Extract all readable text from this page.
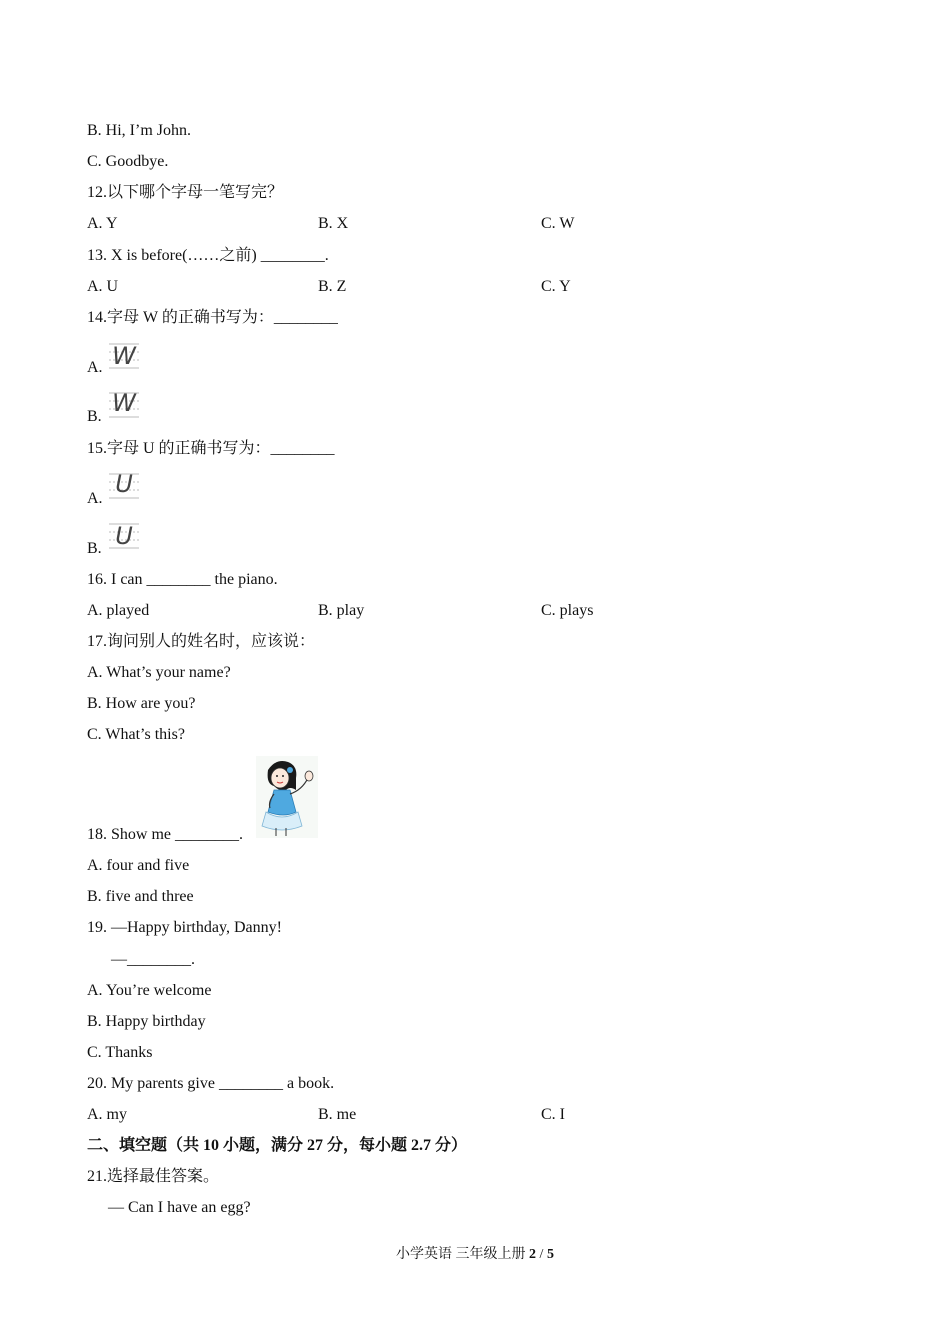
B. Hi, I’m John.
C. Goodbye.
12.以下哪个字母一笔写完？
A. Y	B. X	C. W
13. X is before(……之前) ________.
A. U	B. Z	C. Y
14.字母 W 的正确书写为：________
A. W
B. W
15.字母 U 的正确书写为：________
A.
U
B. U
16. I can ________ the piano.
A. played	B. play	C. plays
17.询问别人的姓名时，应该说：
A. What’s your name?
B. How are you?
C. What’s this?
18. Show me ________.
A. four and five
B. five and three
19. —Happy birthday, Danny!
—________.
A. You’re welcome
B. Happy birthday
C. Thanks
20. My parents give ________ a book.
A. my	B. me	C. I
二、填空题（共 10 小题，满分 27 分，每小题 2.7 分）
21.选择最佳答案。
— Can I have an egg?
小学英语 三年级上册 2 / 5
